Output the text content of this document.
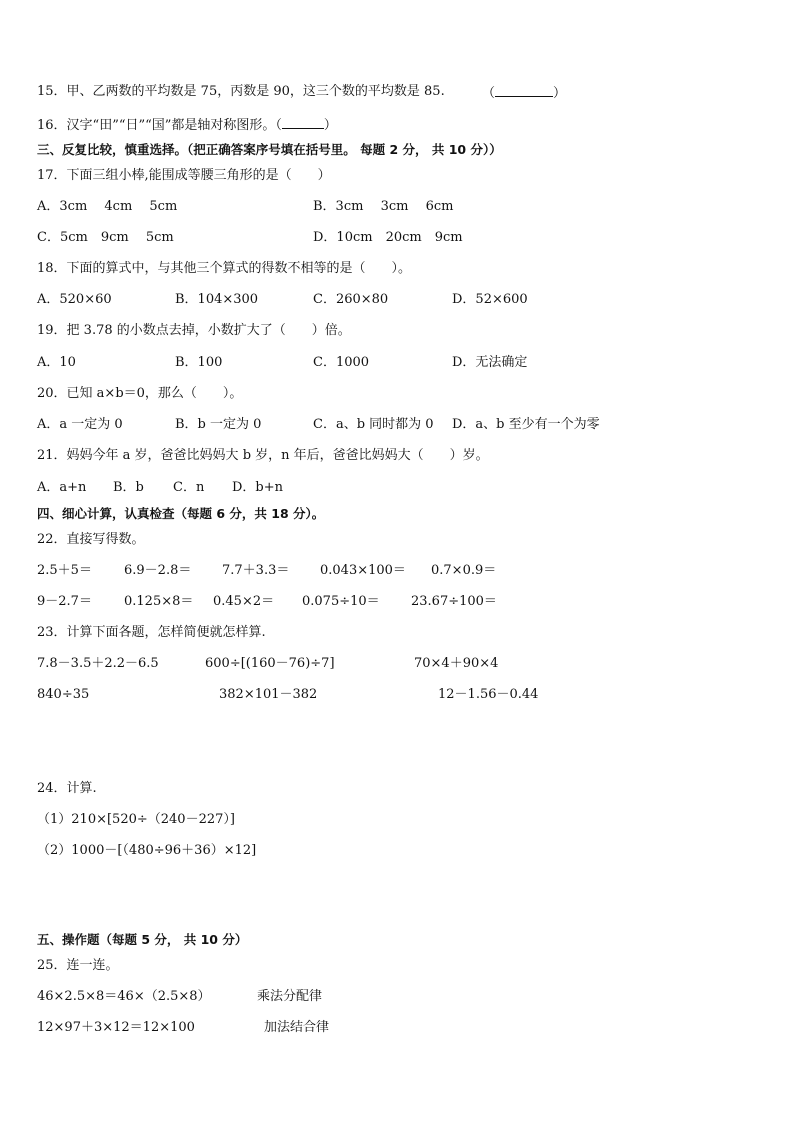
15．甲、乙两数的平均数是 75，丙数是 90，这三个数的平均数是 85.	（	）
16．汉字“田”“日”“国”都是轴对称图形。（	）
三、反复比较，慎重选择。（把正确答案序号填在括号里。 每题 2 分， 共 10 分））
17．下面三组小棒,能围成等腰三角形的是（　　）
A．3cm　 4cm　 5cm	B．3cm　 3cm　 6cm
C．5cm　9cm　 5cm	D．10cm　20cm　9cm
18．下面的算式中，与其他三个算式的得数不相等的是（　　）。
A．520×60	B．104×300	C．260×80	D．52×600
19．把 3.78 的小数点去掉，小数扩大了（　　）倍。
A．10	B．100	C．1000	D．无法确定
20．已知 a×b＝0，那么（　　）。
A．a 一定为 0	B．b 一定为 0	C．a、b 同时都为 0 D．a、b 至少有一个为零
21．妈妈今年 a 岁，爸爸比妈妈大 b 岁，n 年后，爸爸比妈妈大（　　）岁。
A．a+n B．b C．n D．b+n
四、细心计算，认真检查（每题 6 分，共 18 分）。
22．直接写得数。
2.5＋5＝ 6.9－2.8＝ 7.7＋3.3＝ 0.043×100＝ 0.7×0.9＝
9－2.7＝ 0.125×8＝ 0.45×2＝ 0.075÷10＝ 23.67÷100＝
23．计算下面各题，怎样简便就怎样算.
7.8－3.5＋2.2－6.5	600÷[(160－76)÷7]	70×4＋90×4
840÷35	382×101－382	12－1.56－0.44
24．计算.
（1）210×[520÷（240－227）]
（2）1000－[（480÷96＋36）×12]
五、操作题（每题 5 分， 共 10 分）
25．连一连。
46×2.5×8＝46×（2.5×8）	乘法分配律
12×97＋3×12＝12×100	加法结合律
